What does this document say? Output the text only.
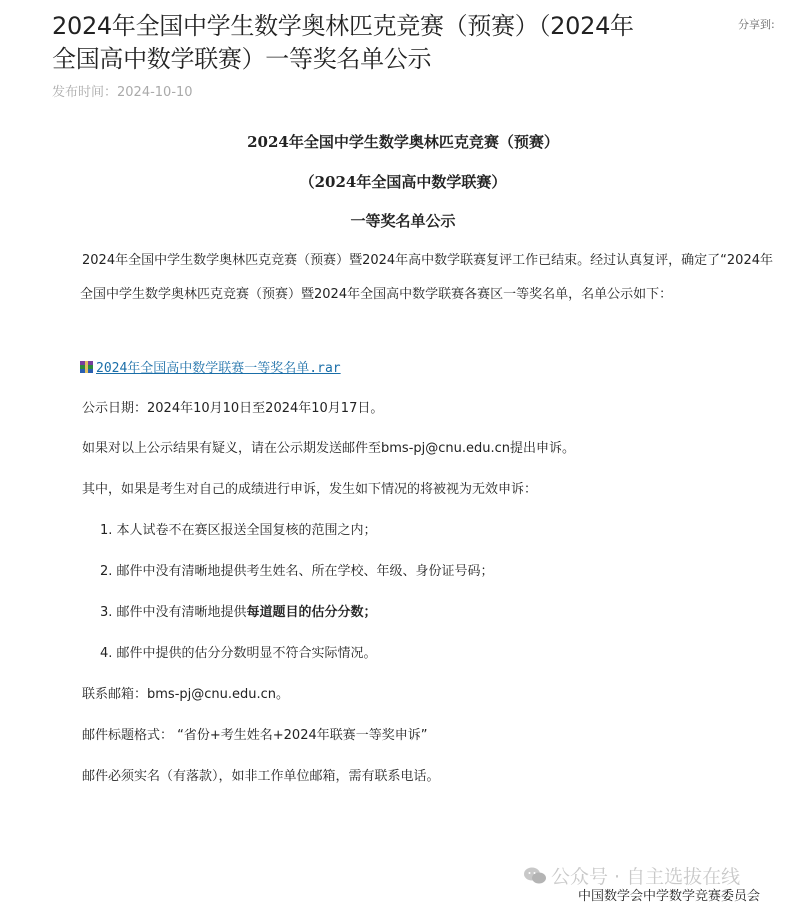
2024年全国中学生数学奥林匹克竞赛（预赛）（2024年全国高中数学联赛）一等奖名单公示
分享到:
发布时间：2024-10-10
2024年全国中学生数学奥林匹克竞赛（预赛）
（2024年全国高中数学联赛）
一等奖名单公示
2024年全国中学生数学奥林匹克竞赛（预赛）暨2024年高中数学联赛复评工作已结束。经过认真复评，确定了“2024年全国中学生数学奥林匹克竞赛（预赛）暨2024年全国高中数学联赛各赛区一等奖名单，名单公示如下：
2024年全国高中数学联赛一等奖名单.rar
公示日期：2024年10月10日至2024年10月17日。
如果对以上公示结果有疑义，请在公示期发送邮件至bms-pj@cnu.edu.cn提出申诉。
其中，如果是考生对自己的成绩进行申诉，发生如下情况的将被视为无效申诉：
1. 本人试卷不在赛区报送全国复核的范围之内；
2. 邮件中没有清晰地提供考生姓名、所在学校、年级、身份证号码；
3. 邮件中没有清晰地提供每道题目的估分分数；
4. 邮件中提供的估分分数明显不符合实际情况。
联系邮箱：bms-pj@cnu.edu.cn。
邮件标题格式： “省份+考生姓名+2024年联赛一等奖申诉”
邮件必须实名（有落款），如非工作单位邮箱，需有联系电话。
公众号 · 自主选拔在线
中国数学会中学数学竞赛委员会
